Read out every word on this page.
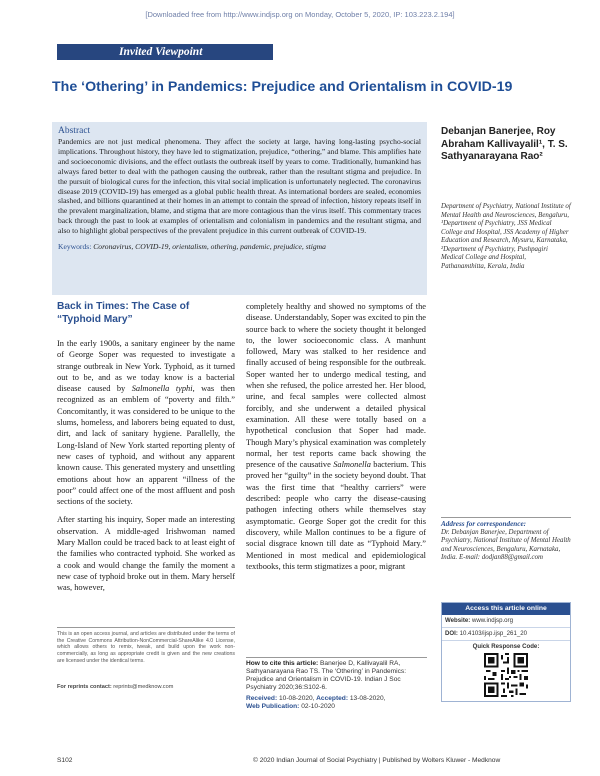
[Downloaded free from http://www.indjsp.org on Monday, October 5, 2020, IP: 103.223.2.194]
Invited Viewpoint
The ‘Othering’ in Pandemics: Prejudice and Orientalism in COVID-19
Abstract

Pandemics are not just medical phenomena. They affect the society at large, having long-lasting psycho-social implications. Throughout history, they have led to stigmatization, prejudice, “othering,” and blame. This amplifies hate and socioeconomic divisions, and the effect outlasts the outbreak itself by years to come. Traditionally, humankind has always fared better to deal with the pathogen causing the outbreak, rather than the resultant stigma and prejudice. In the pursuit of biological cures for the infection, this vital social implication is unfortunately neglected. The coronavirus disease 2019 (COVID-19) has emerged as a global public health threat. As international borders are sealed, economies slashed, and billions quarantined at their homes in an attempt to contain the spread of infection, history repeats itself in the prevalent marginalization, blame, and stigma that are more contagious than the virus itself. This commentary traces back through the past to look at examples of orientalism and colonialism in pandemics and the resultant stigma, and also to highlight global perspectives of the prevalent prejudice in this current outbreak of COVID-19.

Keywords: Coronavirus, COVID-19, orientalism, othering, pandemic, prejudice, stigma

Debanjan Banerjee, Roy Abraham Kallivayalil¹, T. S. Sathyanarayana Rao²
Department of Psychiatry, National Institute of Mental Health and Neurosciences, Bengaluru, ¹Department of Psychiatry, JSS Medical College and Hospital, JSS Academy of Higher Education and Research, Mysuru, Karnataka, ²Department of Psychiatry, Pushpagiri Medical College and Hospital, Pathanamthitta, Kerala, India
Back in Times: The Case of “Typhoid Mary”

In the early 1900s, a sanitary engineer by the name of George Soper was requested to investigate a strange outbreak in New York. Typhoid, as it turned out to be, and as we today know is a bacterial disease caused by Salmonella typhi, was then recognized as an emblem of “poverty and filth.” Concomitantly, it was considered to be unique to the slums, homeless, and laborers being equated to dust, dirt, and lack of sanitary hygiene. Parallelly, the Long-Island of New York started reporting plenty of new cases of typhoid, and without any apparent known cause. This generated mystery and unsettling emotions about how an apparent “illness of the poor” could affect one of the most affluent and posh sections of the society.

After starting his inquiry, Soper made an interesting observation. A middle-aged Irishwoman named Mary Mallon could be traced back to at least eight of the families who contracted typhoid. She worked as a cook and would change the family the moment a new case of typhoid broke out in them. Mary herself was, however,

completely healthy and showed no symptoms of the disease. Understandably, Soper was excited to pin the source back to where the society thought it belonged to, the lower socioeconomic class. A manhunt followed, Mary was stalked to her residence and finally accused of being responsible for the outbreak. Soper wanted her to undergo medical testing, and when she refused, the police arrested her. Her blood, urine, and fecal samples were collected almost forcibly, and she underwent a detailed physical examination. All these were totally based on a hypothetical conclusion that Soper had made. Though Mary’s physical examination was completely normal, her test reports came back showing the presence of the causative Salmonella bacterium. This proved her “guilty” in the society beyond doubt. That was the first time that “healthy carriers” were described: people who carry the disease-causing pathogen infecting others while themselves stay asymptomatic. George Soper got the credit for this discovery, while Mallon continues to be a figure of social disgrace known till date as “Typhoid Mary.” Mentioned in most medical and epidemiological textbooks, this term stigmatizes a poor, migrant

This is an open access journal, and articles are distributed under the terms of the Creative Commons Attribution-NonCommercial-ShareAlike 4.0 License, which allows others to remix, tweak, and build upon the work non-commercially, as long as appropriate credit is given and the new creations are licensed under the identical terms.
For reprints contact: reprints@medknow.com
How to cite this article: Banerjee D, Kallivayalil RA, Sathyanarayana Rao TS. The ‘Othering’ in Pandemics: Prejudice and Orientalism in COVID-19. Indian J Soc Psychiatry 2020;36:S102-6.
Received: 10-08-2020, Accepted: 13-08-2020,
Web Publication: 02-10-2020
Address for correspondence:
Dr. Debanjan Banerjee, Department of Psychiatry, National Institute of Mental Health and Neurosciences, Bengaluru, Karnataka, India. E-mail: dodjan88@gmail.com
Access this article online
Website: www.indjsp.org
DOI: 10.4103/ijsp.ijsp_261_20
Quick Response Code:
S102	© 2020 Indian Journal of Social Psychiatry | Published by Wolters Kluwer - Medknow
